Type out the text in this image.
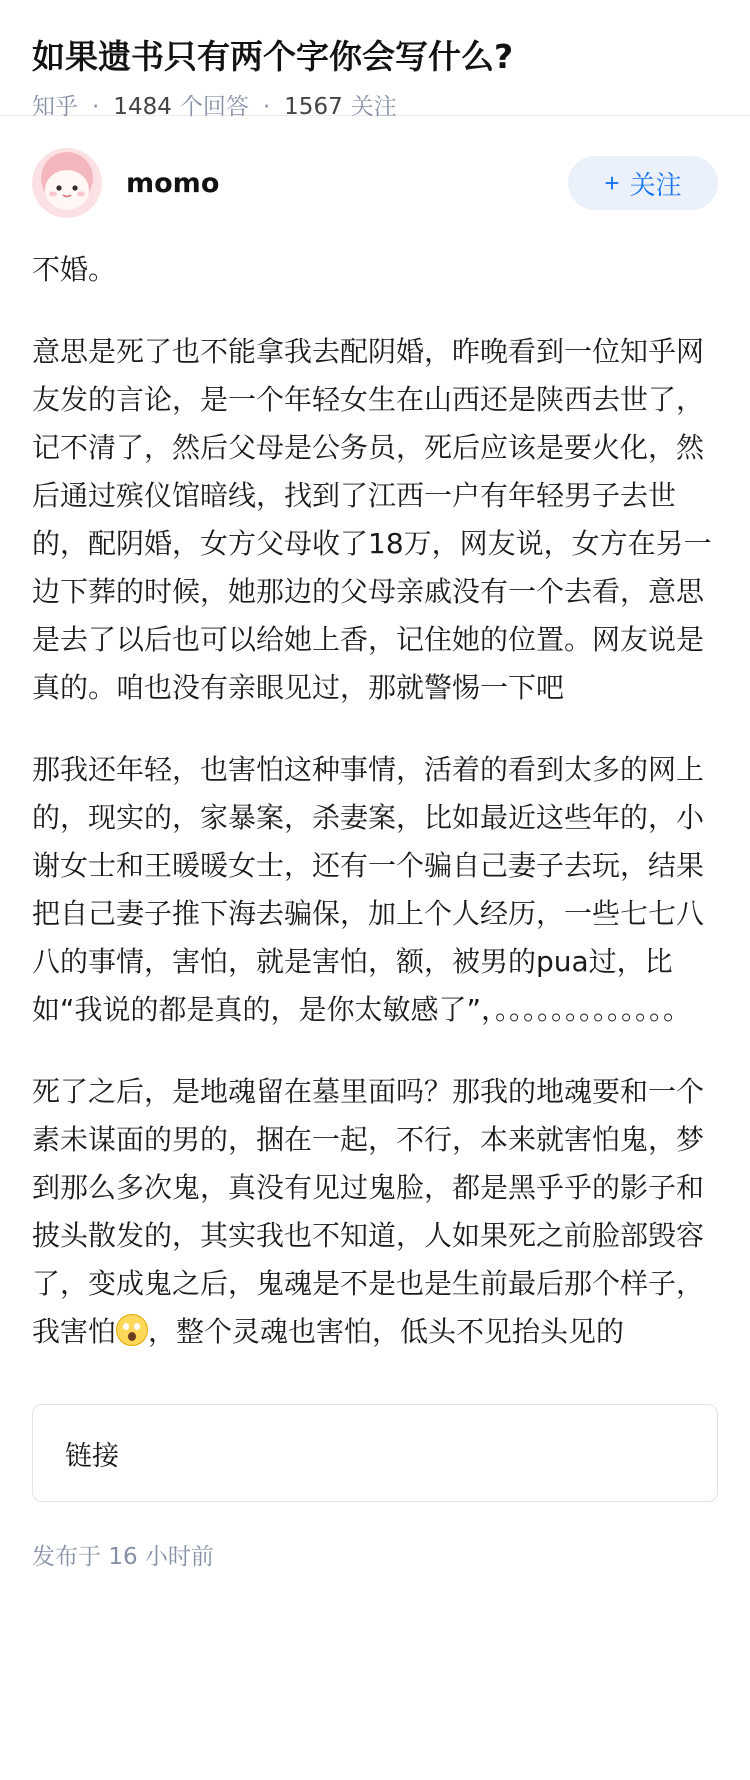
如果遗书只有两个字你会写什么?
知乎 · 1484 个回答 · 1567 关注
momo	+ 关注

不婚。

意思是死了也不能拿我去配阴婚，昨晚看到一位知乎网友发的言论，是一个年轻女生在山西还是陕西去世了，记不清了，然后父母是公务员，死后应该是要火化，然后通过殡仪馆暗线，找到了江西一户有年轻男子去世的，配阴婚，女方父母收了18万，网友说，女方在另一边下葬的时候，她那边的父母亲戚没有一个去看，意思是去了以后也可以给她上香，记住她的位置。网友说是真的。咱也没有亲眼见过，那就警惕一下吧

那我还年轻，也害怕这种事情，活着的看到太多的网上的，现实的，家暴案，杀妻案，比如最近这些年的，小谢女士和王暖暖女士，还有一个骗自己妻子去玩，结果把自己妻子推下海去骗保，加上个人经历，一些七七八八的事情，害怕，就是害怕，额，被男的pua过，比如“我说的都是真的，是你太敏感了”，。。。。。。。。。。。。。

死了之后，是地魂留在墓里面吗？那我的地魂要和一个素未谋面的男的，捆在一起，不行，本来就害怕鬼，梦到那么多次鬼，真没有见过鬼脸，都是黑乎乎的影子和披头散发的，其实我也不知道，人如果死之前脸部毁容了，变成鬼之后，鬼魂是不是也是生前最后那个样子，我害怕 ，整个灵魂也害怕，低头不见抬头见的

链接
发布于 16 小时前
